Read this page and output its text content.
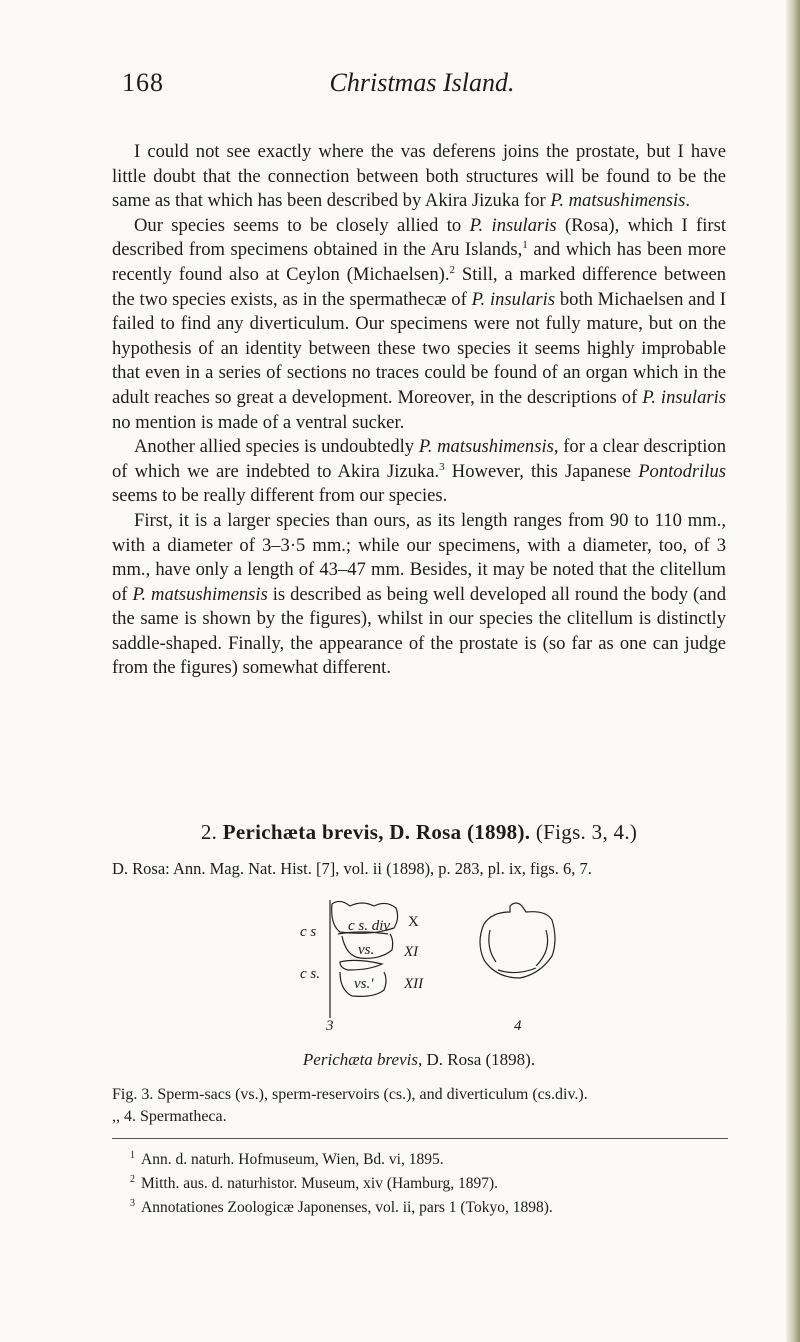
168	Christmas Island.

I could not see exactly where the vas deferens joins the prostate, but I have little doubt that the connection between both structures will be found to be the same as that which has been described by Akira Jizuka for P. matsushimensis.

Our species seems to be closely allied to P. insularis (Rosa), which I first described from specimens obtained in the Aru Islands,$^1$ and which has been more recently found also at Ceylon (Michaelsen).$^2$ Still, a marked difference between the two species exists, as in the spermathecæ of P. insularis both Michaelsen and I failed to find any diverticulum. Our specimens were not fully mature, but on the hypothesis of an identity between these two species it seems highly improbable that even in a series of sections no traces could be found of an organ which in the adult reaches so great a development. Moreover, in the descriptions of P. insularis no mention is made of a ventral sucker.

Another allied species is undoubtedly P. matsushimensis, for a clear description of which we are indebted to Akira Jizuka.$^3$ However, this Japanese Pontodrilus seems to be really different from our species.

First, it is a larger species than ours, as its length ranges from 90 to 110 mm., with a diameter of 3–3·5 mm.; while our specimens, with a diameter, too, of 3 mm., have only a length of 43–47 mm. Besides, it may be noted that the clitellum of P. matsushimensis is described as being well developed all round the body (and the same is shown by the figures), whilst in our species the clitellum is distinctly saddle-shaped. Finally, the appearance of the prostate is (so far as one can judge from the figures) somewhat different.

2. Perichæta brevis, D. Rosa (1898). (Figs. 3, 4.)
D. Rosa: Ann. Mag. Nat. Hist. [7], vol. ii (1898), p. 283, pl. ix, figs. 6, 7.
c s. div
c s
c s.
vs.
vs.'
X
XI
XII
3	4
Perichæta brevis, D. Rosa (1898).
Fig. 3. Sperm-sacs (vs.), sperm-reservoirs (cs.), and diverticulum (cs.div.).
,, 4. Spermatheca.
$^1$ Ann. d. naturh. Hofmuseum, Wien, Bd. vi, 1895.
$^2$ Mitth. aus. d. naturhistor. Museum, xiv (Hamburg, 1897).
$^3$ Annotationes Zoologicæ Japonenses, vol. ii, pars 1 (Tokyo, 1898).
